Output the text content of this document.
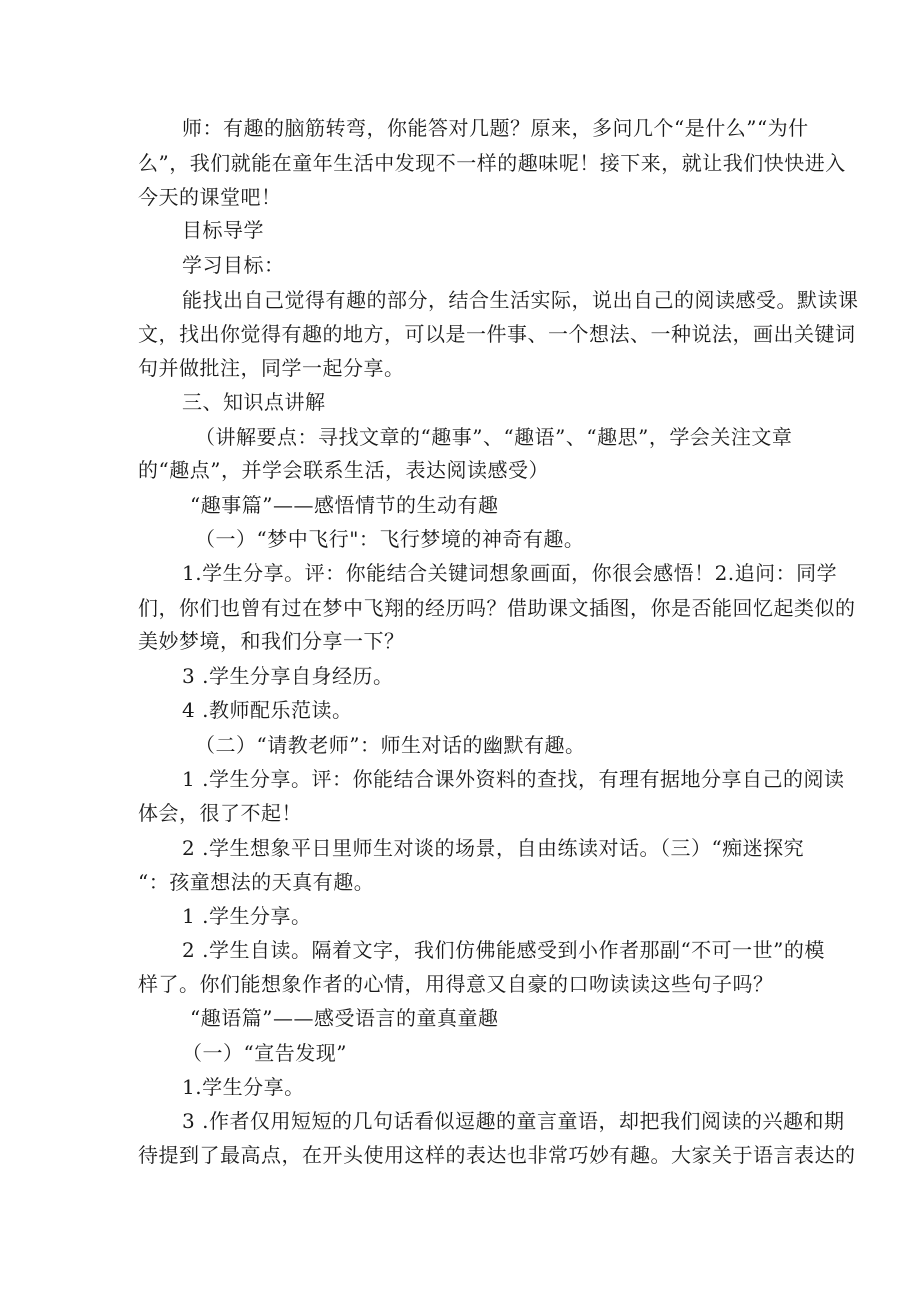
师：有趣的脑筋转弯，你能答对几题？原来，多问几个“是什么”“为什
么”，我们就能在童年生活中发现不一样的趣味呢！接下来，就让我们快快进入
今天的课堂吧！
目标导学
学习目标：
能找出自己觉得有趣的部分，结合生活实际，说出自己的阅读感受。默读课
文，找出你觉得有趣的地方，可以是一件事、一个想法、一种说法，画出关键词
句并做批注，同学一起分享。
三、知识点讲解
（讲解要点：寻找文章的“趣事”、“趣语”、“趣思”，学会关注文章
的“趣点”，并学会联系生活，表达阅读感受）
“趣事篇”——感悟情节的生动有趣
（一）“梦中飞行"：飞行梦境的神奇有趣。
1.学生分享。评：你能结合关键词想象画面，你很会感悟！2.追问：同学
们，你们也曾有过在梦中飞翔的经历吗？借助课文插图，你是否能回忆起类似的
美妙梦境，和我们分享一下？
3 .学生分享自身经历。
4 .教师配乐范读。
（二）“请教老师”：师生对话的幽默有趣。
1 .学生分享。评：你能结合课外资料的查找，有理有据地分享自己的阅读
体会，很了不起！
2 .学生想象平日里师生对谈的场景，自由练读对话。（三）“痴迷探究
“：孩童想法的天真有趣。
1 .学生分享。
2 .学生自读。隔着文字，我们仿佛能感受到小作者那副“不可一世”的模
样了。你们能想象作者的心情，用得意又自豪的口吻读读这些句子吗？
“趣语篇”——感受语言的童真童趣
（一）“宣告发现”
1.学生分享。
3 .作者仅用短短的几句话看似逗趣的童言童语，却把我们阅读的兴趣和期
待提到了最高点，在开头使用这样的表达也非常巧妙有趣。大家关于语言表达的
